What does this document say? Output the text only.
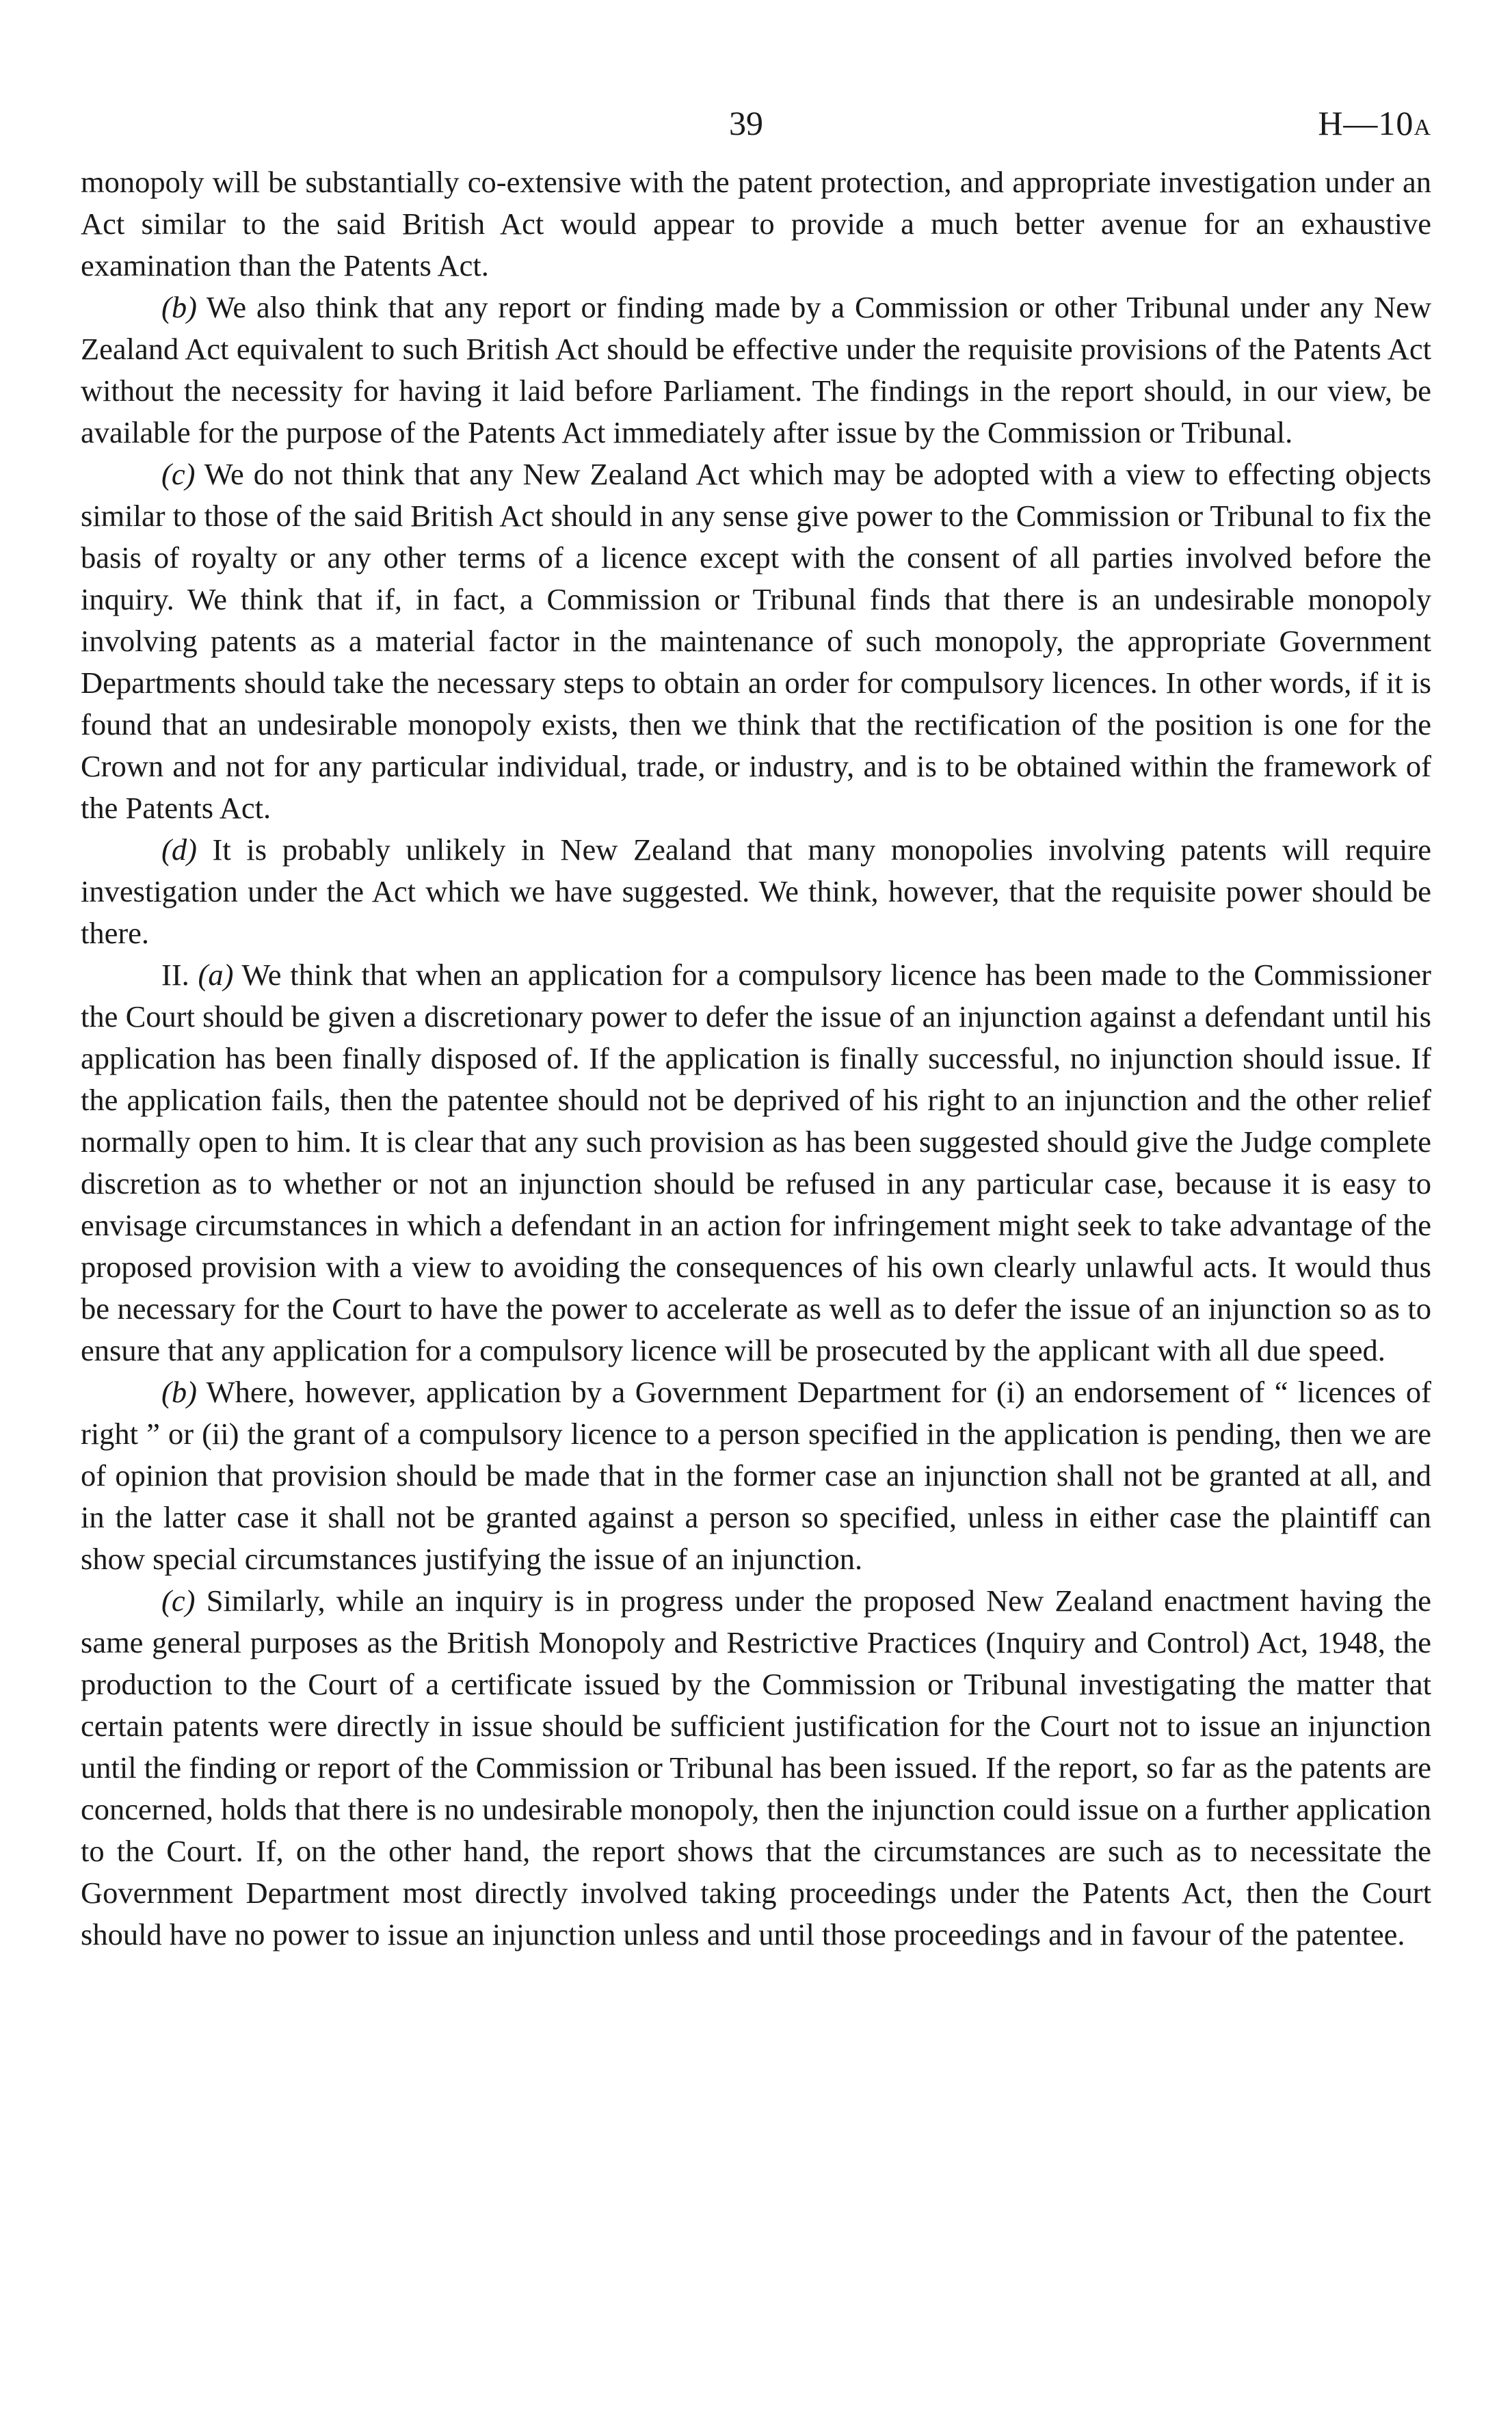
39	H—10A

monopoly will be substantially co-extensive with the patent protection, and appropriate investigation under an Act similar to the said British Act would appear to provide a much better avenue for an exhaustive examination than the Patents Act.

(b) We also think that any report or finding made by a Commission or other Tribunal under any New Zealand Act equivalent to such British Act should be effective under the requisite provisions of the Patents Act without the necessity for having it laid before Parliament. The findings in the report should, in our view, be available for the purpose of the Patents Act immediately after issue by the Commission or Tribunal.

(c) We do not think that any New Zealand Act which may be adopted with a view to effecting objects similar to those of the said British Act should in any sense give power to the Commission or Tribunal to fix the basis of royalty or any other terms of a licence except with the consent of all parties involved before the inquiry. We think that if, in fact, a Commission or Tribunal finds that there is an undesirable monopoly involving patents as a material factor in the maintenance of such monopoly, the appropriate Government Departments should take the necessary steps to obtain an order for compulsory licences. In other words, if it is found that an undesirable monopoly exists, then we think that the rectification of the position is one for the Crown and not for any particular individual, trade, or industry, and is to be obtained within the framework of the Patents Act.

(d) It is probably unlikely in New Zealand that many monopolies involving patents will require investigation under the Act which we have suggested. We think, however, that the requisite power should be there.

II. (a) We think that when an application for a compulsory licence has been made to the Commissioner the Court should be given a discretionary power to defer the issue of an injunction against a defendant until his application has been finally disposed of. If the application is finally successful, no injunction should issue. If the application fails, then the patentee should not be deprived of his right to an injunction and the other relief normally open to him. It is clear that any such provision as has been suggested should give the Judge complete discretion as to whether or not an injunction should be refused in any particular case, because it is easy to envisage circumstances in which a defendant in an action for infringement might seek to take advantage of the proposed provision with a view to avoiding the consequences of his own clearly unlawful acts. It would thus be necessary for the Court to have the power to accelerate as well as to defer the issue of an injunction so as to ensure that any application for a compulsory licence will be prosecuted by the applicant with all due speed.

(b) Where, however, application by a Government Department for (i) an endorsement of “ licences of right ” or (ii) the grant of a compulsory licence to a person specified in the application is pending, then we are of opinion that provision should be made that in the former case an injunction shall not be granted at all, and in the latter case it shall not be granted against a person so specified, unless in either case the plaintiff can show special circumstances justifying the issue of an injunction.

(c) Similarly, while an inquiry is in progress under the proposed New Zealand enactment having the same general purposes as the British Monopoly and Restrictive Practices (Inquiry and Control) Act, 1948, the production to the Court of a certificate issued by the Commission or Tribunal investigating the matter that certain patents were directly in issue should be sufficient justification for the Court not to issue an injunction until the finding or report of the Commission or Tribunal has been issued. If the report, so far as the patents are concerned, holds that there is no undesirable monopoly, then the injunction could issue on a further application to the Court. If, on the other hand, the report shows that the circumstances are such as to necessitate the Government Department most directly involved taking proceedings under the Patents Act, then the Court should have no power to issue an injunction unless and until those proceedings and in favour of the patentee.
